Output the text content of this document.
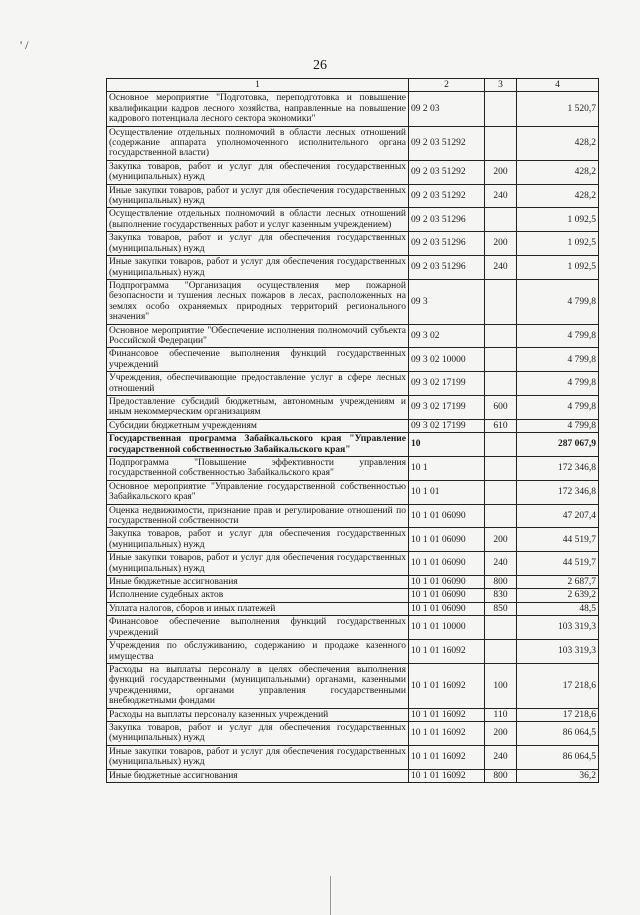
' /
26
1	2	3	4
Основное мероприятие "Подготовка, переподготовка и повышение квалификации кадров лесного хозяйства, направленные на повышение кадрового потенциала лесного сектора экономики"	09 2 03		1 520,7
Осуществление отдельных полномочий в области лесных отношений (содержание аппарата уполномоченного исполнительного органа государственной власти)	09 2 03 51292		428,2
Закупка товаров, работ и услуг для обеспечения государственных (муниципальных) нужд	09 2 03 51292	200	428,2
Иные закупки товаров, работ и услуг для обеспечения государственных (муниципальных) нужд	09 2 03 51292	240	428,2
Осуществление отдельных полномочий в области лесных отношений (выполнение государственных работ и услуг казенным учреждением)	09 2 03 51296		1 092,5
Закупка товаров, работ и услуг для обеспечения государственных (муниципальных) нужд	09 2 03 51296	200	1 092,5
Иные закупки товаров, работ и услуг для обеспечения государственных (муниципальных) нужд	09 2 03 51296	240	1 092,5
Подпрограмма "Организация осуществления мер пожарной безопасности и тушения лесных пожаров в лесах, расположенных на землях особо охраняемых природных территорий регионального значения"	09 3		4 799,8
Основное мероприятие "Обеспечение исполнения полномочий субъекта Российской Федерации"	09 3 02		4 799,8
Финансовое обеспечение выполнения функций государственных учреждений	09 3 02 10000		4 799,8
Учреждения, обеспечивающие предоставление услуг в сфере лесных отношений	09 3 02 17199		4 799,8
Предоставление субсидий бюджетным, автономным учреждениям и иным некоммерческим организациям	09 3 02 17199	600	4 799,8
Субсидии бюджетным учреждениям	09 3 02 17199	610	4 799,8
Государственная программа Забайкальского края "Управление государственной собственностью Забайкальского края"	10		287 067,9
Подпрограмма "Повышение эффективности управления государственной собственностью Забайкальского края"	10 1		172 346,8
Основное мероприятие "Управление государственной собственностью Забайкальского края"	10 1 01		172 346,8
Оценка недвижимости, признание прав и регулирование отношений по государственной собственности	10 1 01 06090		47 207,4
Закупка товаров, работ и услуг для обеспечения государственных (муниципальных) нужд	10 1 01 06090	200	44 519,7
Иные закупки товаров, работ и услуг для обеспечения государственных (муниципальных) нужд	10 1 01 06090	240	44 519,7
Иные бюджетные ассигнования	10 1 01 06090	800	2 687,7
Исполнение судебных актов	10 1 01 06090	830	2 639,2
Уплата налогов, сборов и иных платежей	10 1 01 06090	850	48,5
Финансовое обеспечение выполнения функций государственных учреждений	10 1 01 10000		103 319,3
Учреждения по обслуживанию, содержанию и продаже казенного имущества	10 1 01 16092		103 319,3
Расходы на выплаты персоналу в целях обеспечения выполнения функций государственными (муниципальными) органами, казенными учреждениями, органами управления государственными внебюджетными фондами	10 1 01 16092	100	17 218,6
Расходы на выплаты персоналу казенных учреждений	10 1 01 16092	110	17 218,6
Закупка товаров, работ и услуг для обеспечения государственных (муниципальных) нужд	10 1 01 16092	200	86 064,5
Иные закупки товаров, работ и услуг для обеспечения государственных (муниципальных) нужд	10 1 01 16092	240	86 064,5
Иные бюджетные ассигнования	10 1 01 16092	800	36,2
